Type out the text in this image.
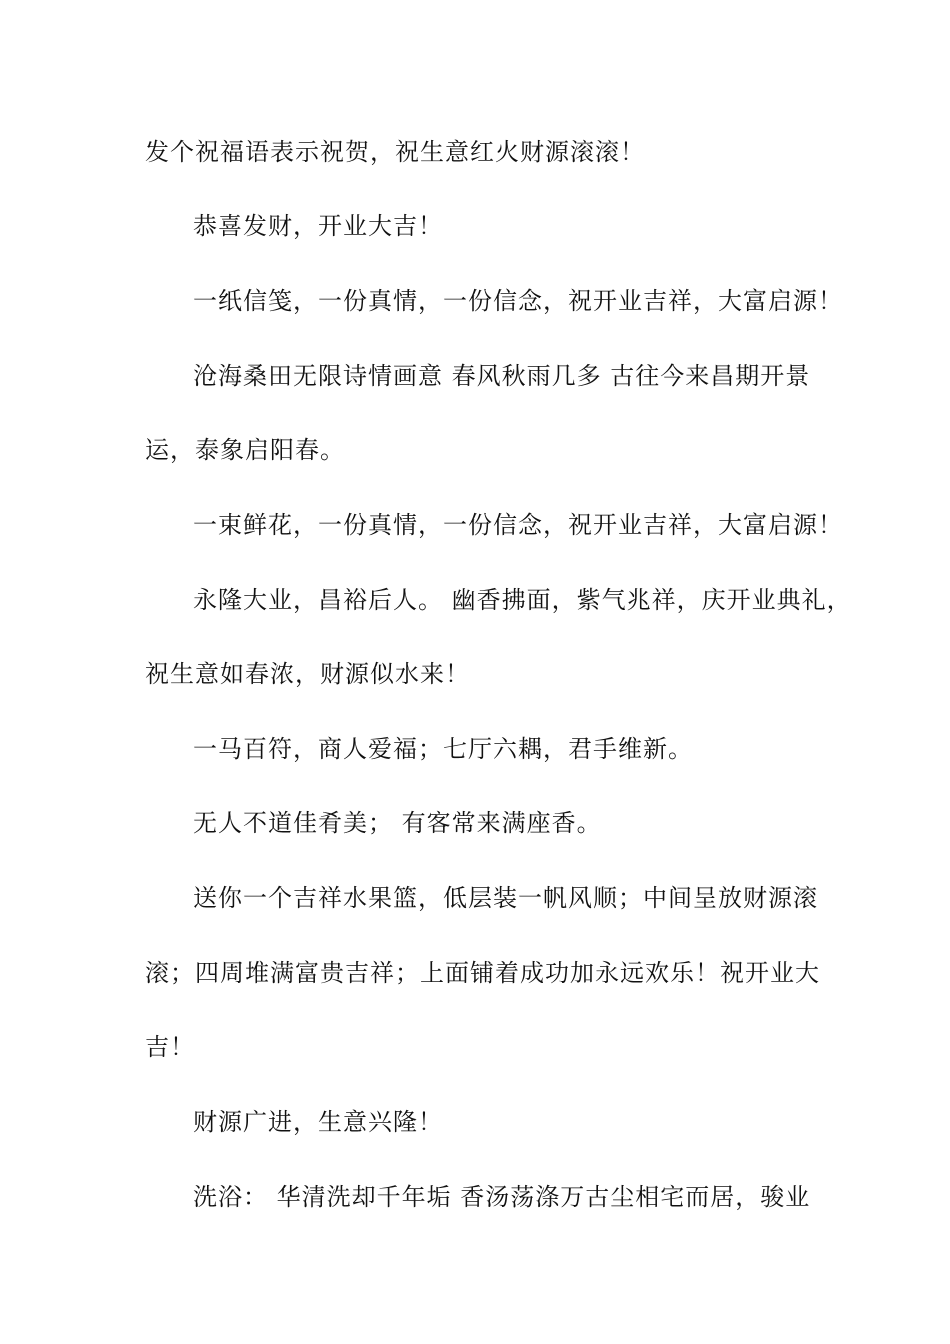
发个祝福语表示祝贺，祝生意红火财源滚滚！
恭喜发财，开业大吉！
一纸信笺，一份真情，一份信念，祝开业吉祥，大富启源！
沧海桑田无限诗情画意 春风秋雨几多 古往今来昌期开景
运，泰象启阳春。
一束鲜花，一份真情，一份信念，祝开业吉祥，大富启源！
永隆大业，昌裕后人。 幽香拂面，紫气兆祥，庆开业典礼，
祝生意如春浓，财源似水来！
一马百符，商人爱福；七厅六耦，君手维新。
无人不道佳肴美； 有客常来满座香。
送你一个吉祥水果篮，低层装一帆风顺；中间呈放财源滚
滚；四周堆满富贵吉祥；上面铺着成功加永远欢乐！祝开业大
吉！
财源广进，生意兴隆！
洗浴： 华清洗却千年垢 香汤荡涤万古尘相宅而居，骏业
